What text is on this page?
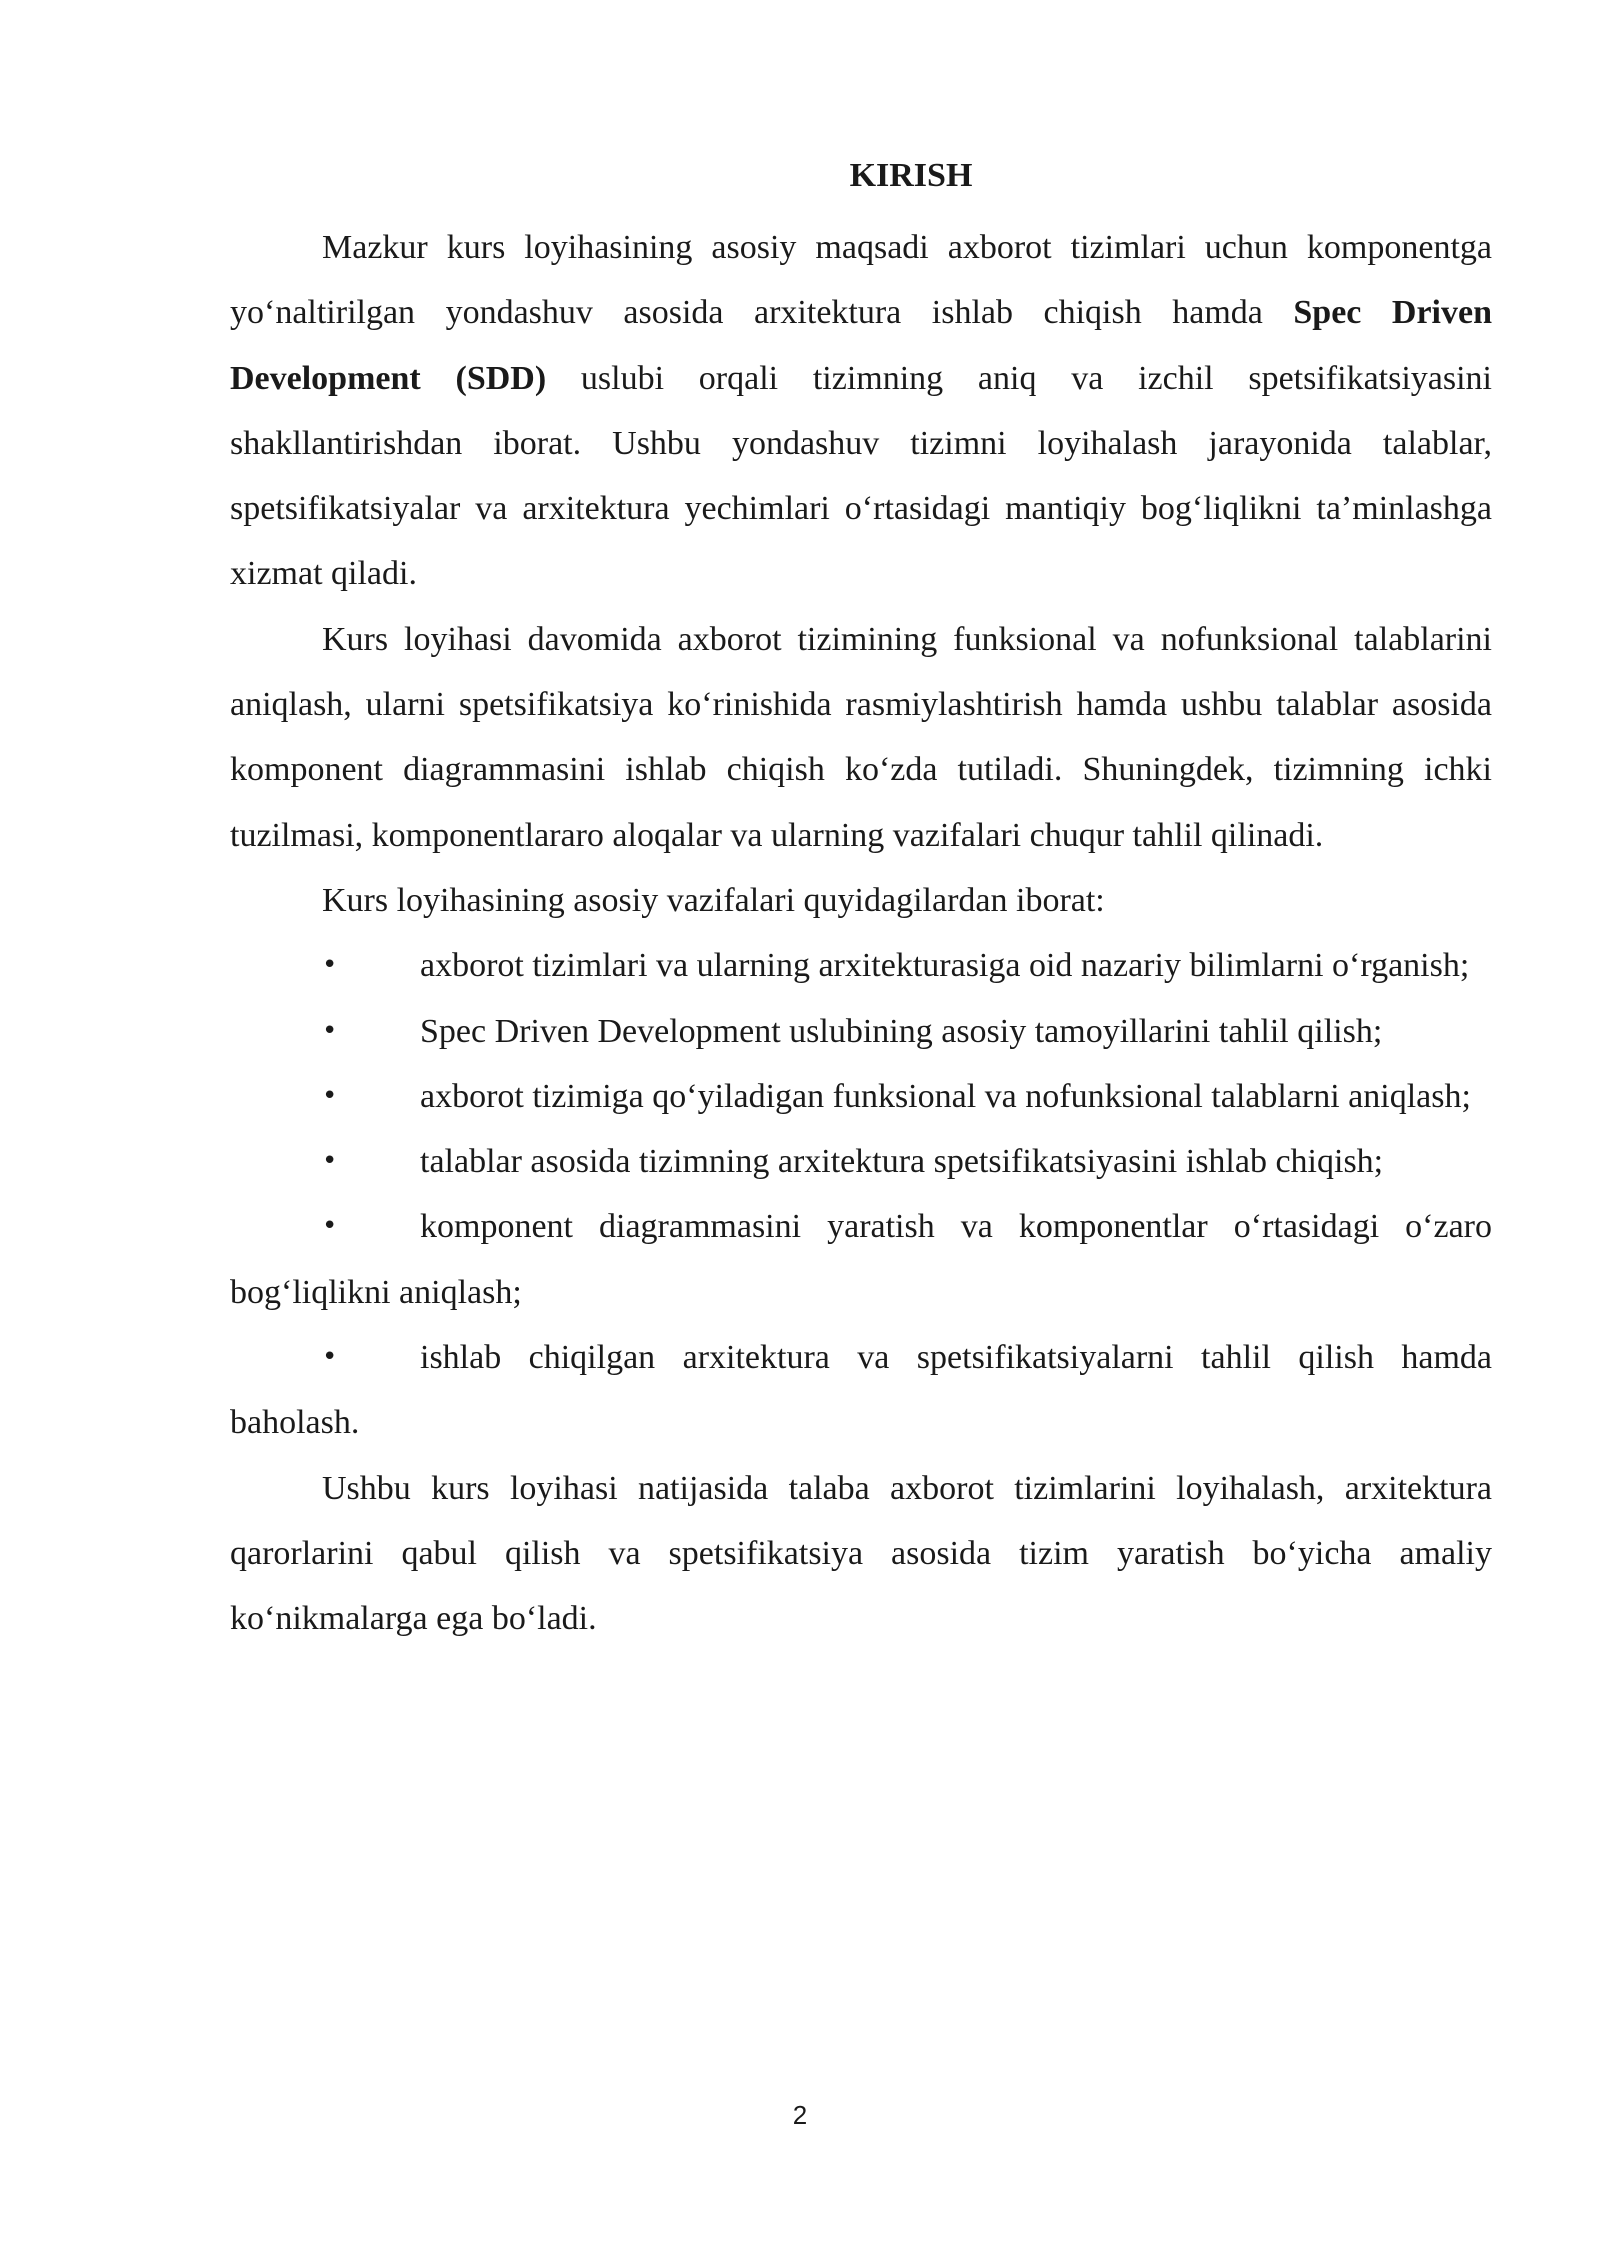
KIRISH

Mazkur kurs loyihasining asosiy maqsadi axborot tizimlari uchun komponentga yo‘naltirilgan yondashuv asosida arxitektura ishlab chiqish hamda Spec Driven Development (SDD) uslubi orqali tizimning aniq va izchil spetsifikatsiyasini shakllantirishdan iborat. Ushbu yondashuv tizimni loyihalash jarayonida talablar, spetsifikatsiyalar va arxitektura yechimlari o‘rtasidagi mantiqiy bog‘liqlikni ta’minlashga xizmat qiladi.

Kurs loyihasi davomida axborot tizimining funksional va nofunksional talablarini aniqlash, ularni spetsifikatsiya ko‘rinishida rasmiylashtirish hamda ushbu talablar asosida komponent diagrammasini ishlab chiqish ko‘zda tutiladi. Shuningdek, tizimning ichki tuzilmasi, komponentlararo aloqalar va ularning vazifalari chuqur tahlil qilinadi.

Kurs loyihasining asosiy vazifalari quyidagilardan iborat:

• axborot tizimlari va ularning arxitekturasiga oid nazariy bilimlarni o‘rganish;
• Spec Driven Development uslubining asosiy tamoyillarini tahlil qilish;
• axborot tizimiga qo‘yiladigan funksional va nofunksional talablarni aniqlash;
• talablar asosida tizimning arxitektura spetsifikatsiyasini ishlab chiqish;
• komponent diagrammasini yaratish va komponentlar o‘rtasidagi o‘zaro bog‘liqlikni aniqlash;
• ishlab chiqilgan arxitektura va spetsifikatsiyalarni tahlil qilish hamda baholash.

Ushbu kurs loyihasi natijasida talaba axborot tizimlarini loyihalash, arxitektura qarorlarini qabul qilish va spetsifikatsiya asosida tizim yaratish bo‘yicha amaliy ko‘nikmalarga ega bo‘ladi.

2
